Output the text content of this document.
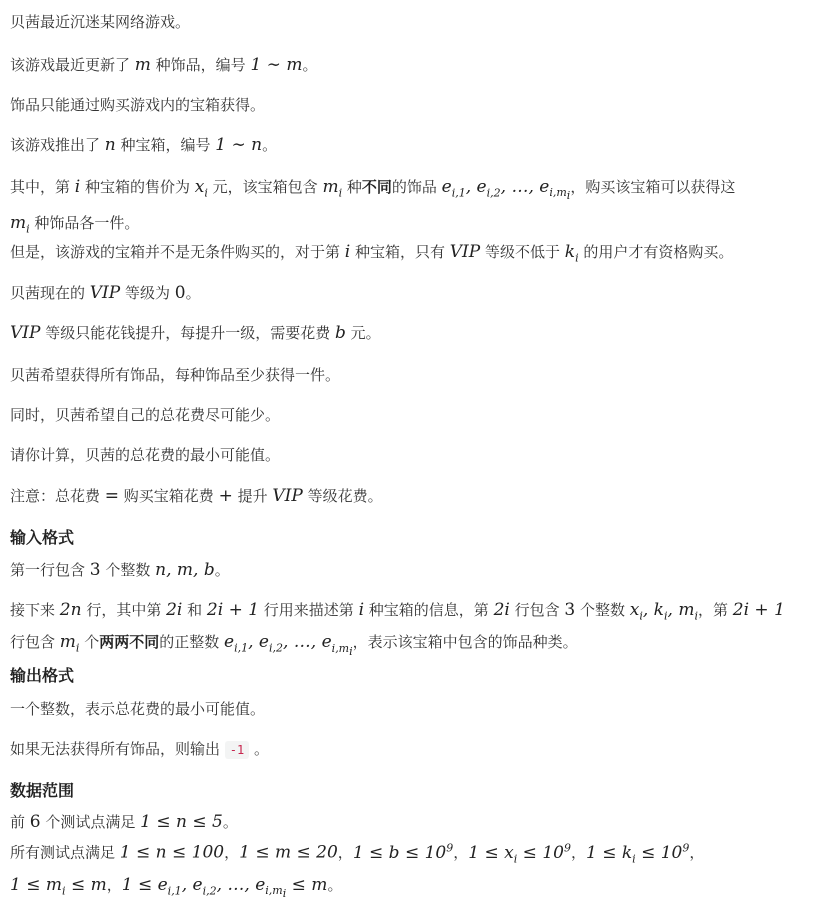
贝茜最近沉迷某网络游戏。
该游戏最近更新了 m 种饰品，编号 1 ∼ m。
饰品只能通过购买游戏内的宝箱获得。
该游戏推出了 n 种宝箱，编号 1 ∼ n。
其中，第 i 种宝箱的售价为 $x_i$ 元，该宝箱包含 $m_i$ 种不同的饰品 $e_{i,1}$, $e_{i,2}$, …, $e_{i,m_i}$，购买该宝箱可以获得这
$m_i$ 种饰品各一件。
但是，该游戏的宝箱并不是无条件购买的，对于第 i 种宝箱，只有 VIP 等级不低于 $k_i$ 的用户才有资格购买。
贝茜现在的 VIP 等级为 0。
VIP 等级只能花钱提升，每提升一级，需要花费 b 元。
贝茜希望获得所有饰品，每种饰品至少获得一件。
同时，贝茜希望自己的总花费尽可能少。
请你计算，贝茜的总花费的最小可能值。
注意：总花费 = 购买宝箱花费 + 提升 VIP 等级花费。
输入格式
第一行包含 3 个整数 n, m, b。
接下来 2n 行，其中第 2i 和 2i + 1 行用来描述第 i 种宝箱的信息，第 2i 行包含 3 个整数 $x_i$, $k_i$, $m_i$，第 2i + 1
行包含 $m_i$ 个两两不同的正整数 $e_{i,1}$, $e_{i,2}$, …, $e_{i,m_i}$，表示该宝箱中包含的饰品种类。
输出格式
一个整数，表示总花费的最小可能值。
如果无法获得所有饰品，则输出 -1 。
数据范围
前 6 个测试点满足 1 ≤ n ≤ 5。
所有测试点满足 1 ≤ n ≤ 100，1 ≤ m ≤ 20，$1 \le b \le 10^9$，$1 \le x_i \le 10^9$，$1 \le k_i \le 10^9$，
$1 \le m_i \le m$，$1 \le e_{i,1}$, $e_{i,2}$, …, $e_{i,m_i} \le m$。
